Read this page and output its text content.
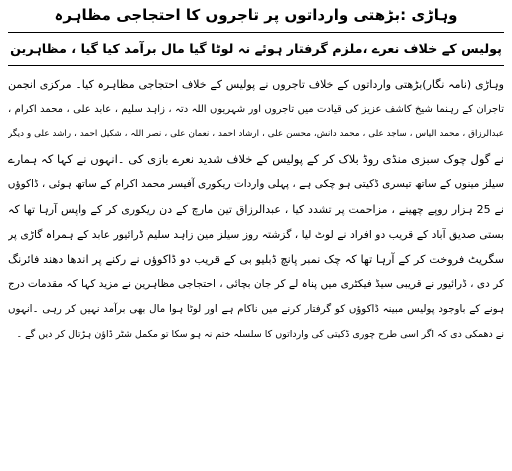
وہاڑی :بڑھتی وارداتوں پر تاجروں کا احتجاجی مظاہرہ
پولیس کے خلاف نعرے ،ملزم گرفتار ہوئے نہ لوٹا گیا مال برآمد کیا گیا ، مظاہرین
وہاڑی (نامہ نگار)بڑھتی وارداتوں کے خلاف تاجروں نے پولیس کے خلاف احتجاجی مظاہرہ کیا۔ مرکزی انجمن
تاجران کے رہنما شیخ کاشف عزیز کی قیادت میں تاجروں اور شہریوں اللہ دتہ ، زاہد سلیم ، عابد علی ، محمد اکرام ،
عبدالرزاق ، محمد الیاس ، ساجد علی ، محمد دانش، محسن علی ، ارشاد احمد ، نعمان علی ، نصر اللہ ، شکیل احمد ، راشد علی و دیگر
نے گول چوک سبزی منڈی روڈ بلاک کر کے پولیس کے خلاف شدید نعرے بازی کی ۔انہوں نے کہا کہ ہمارے
سیلز مینوں کے ساتھ تیسری ڈکیتی ہو چکی ہے ، پہلی واردات ریکوری آفیسر محمد اکرام کے ساتھ ہوئی ، ڈاکوؤں
نے 25 ہزار روپے چھینے ، مزاحمت پر تشدد کیا ، عبدالرزاق تین مارچ کے دن ریکوری کر کے واپس آرہا تھا کہ
بستی صدیق آباد کے قریب دو افراد نے لوٹ لیا ، گزشتہ روز سیلز مین زاہد سلیم ڈرائیور عابد کے ہمراہ گاڑی پر
سگریٹ فروخت کر کے آرہا تھا کہ چک نمبر پانچ ڈبلیو بی کے قریب دو ڈاکوؤں نے رکنے پر اندھا دھند فائرنگ
کر دی ، ڈرائیور نے قریبی سیڈ فیکٹری میں پناہ لے کر جان بچائی ، احتجاجی مظاہرین نے مزید کہا کہ مقدمات درج
ہونے کے باوجود پولیس مبینہ ڈاکوؤں کو گرفتار کرنے میں ناکام ہے اور لوٹا ہوا مال بھی برآمد نہیں کر رہی ۔انہوں
نے دھمکی دی کہ اگر اسی طرح چوری ڈکیتی کی وارداتوں کا سلسلہ ختم نہ ہو سکا تو مکمل شٹر ڈاؤن ہڑتال کر دیں گے ۔
